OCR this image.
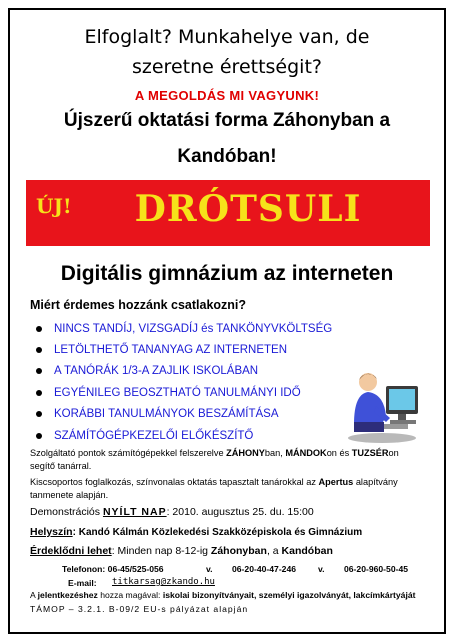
Elfoglalt? Munkahelye van, de
szeretne érettségit?
A MEGOLDÁS MI VAGYUNK!
Újszerű oktatási forma Záhonyban a
Kandóban!
ÚJ!	DRÓTSULI
Digitális gimnázium az interneten
Miért érdemes hozzánk csatlakozni?
NINCS TANDÍJ, VIZSGADÍJ és TANKÖNYVKÖLTSÉG
LETÖLTHETŐ TANANYAG AZ INTERNETEN
A TANÓRÁK 1/3-A ZAJLIK ISKOLÁBAN
EGYÉNILEG BEOSZTHATÓ TANULMÁNYI IDŐ
KORÁBBI TANULMÁNYOK BESZÁMÍTÁSA
SZÁMÍTÓGÉPKEZELŐI ELŐKÉSZÍTŐ
Szolgáltató pontok számítógépekkel felszerelve ZÁHONYban, MÁNDOKon és TUZSÉRon
segítő tanárral.
Kiscsoportos foglalkozás, színvonalas oktatás tapasztalt tanárokkal az Apertus alapítvány
tanmenete alapján.
Demonstrációs NYÍLT NAP: 2010. augusztus 25. du. 15:00
Helyszín: Kandó Kálmán Közlekedési Szakközépiskola és Gimnázium
Érdeklődni lehet: Minden nap 8-12-ig Záhonyban, a Kandóban
Telefonon: 06-45/525-056	v. 06-20-40-47-246	v. 06-20-960-50-45
E-mail: titkarsag@zkando.hu
A jelentkezéshez hozza magával: iskolai bizonyítványait, személyi igazolványát, lakcímkártyáját
TÁMOP – 3.2.1. B-09/2 EU-s pályázat alapján
